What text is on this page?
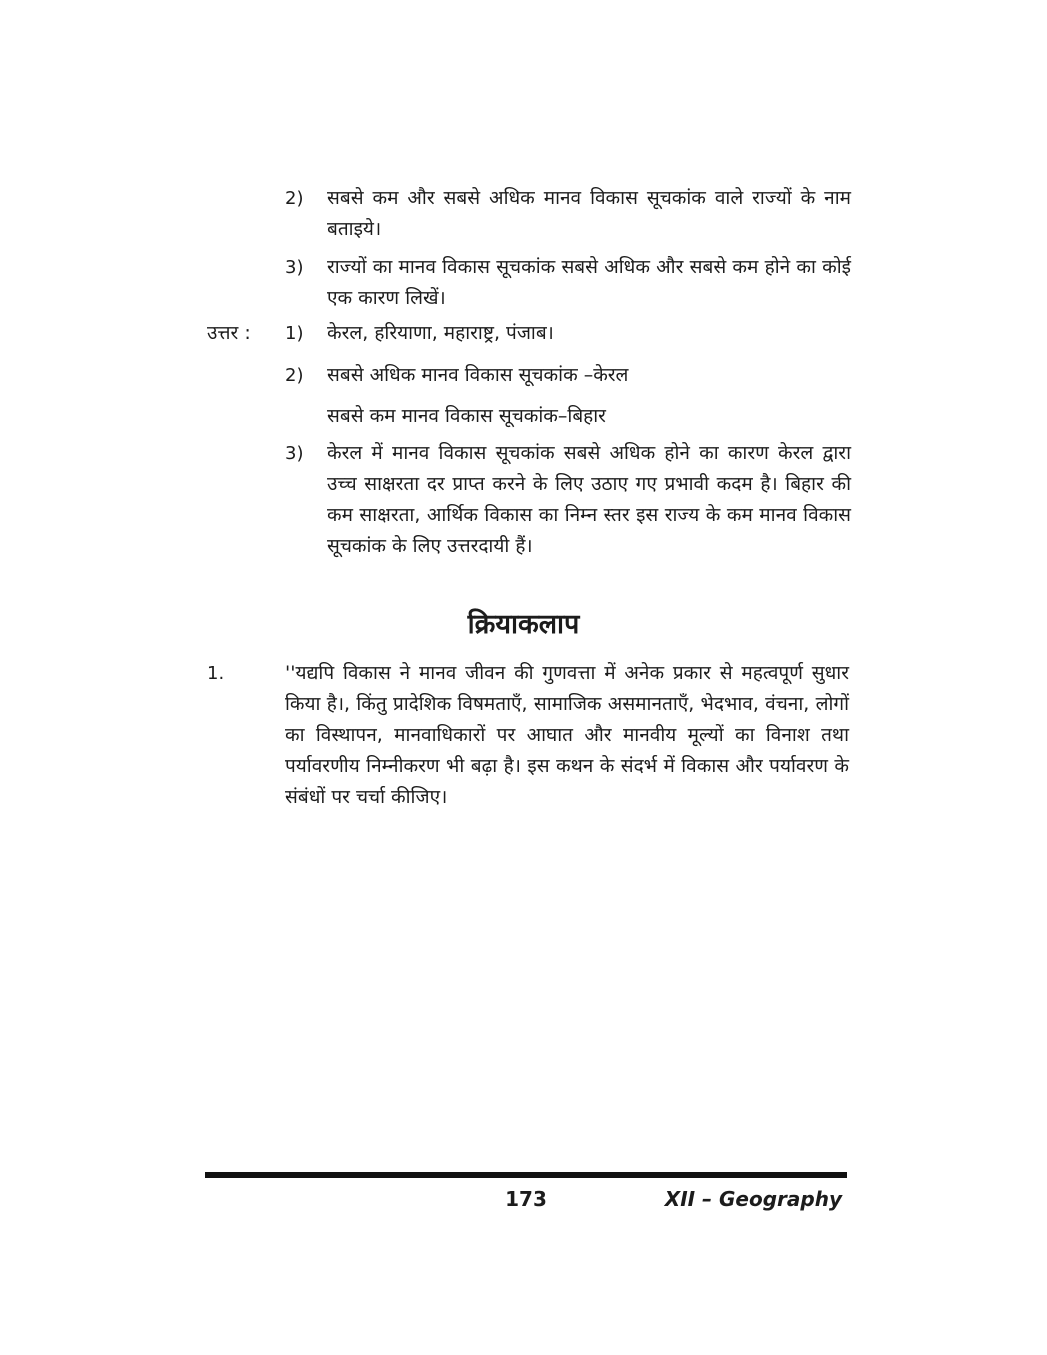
2)	सबसे कम और सबसे अधिक मानव विकास सूचकांक वाले राज्यों के नाम बताइये।
3)	राज्यों का मानव विकास सूचकांक सबसे अधिक और सबसे कम होने का कोई एक कारण लिखें।
उत्तर : 1)	केरल, हरियाणा, महाराष्ट्र, पंजाब।
2)	सबसे अधिक मानव विकास सूचकांक –केरल

सबसे कम मानव विकास सूचकांक–बिहार

3)	केरल में मानव विकास सूचकांक सबसे अधिक होने का कारण केरल द्वारा उच्च साक्षरता दर प्राप्त करने के लिए उठाए गए प्रभावी कदम है। बिहार की कम साक्षरता, आर्थिक विकास का निम्न स्तर इस राज्य के कम मानव विकास सूचकांक के लिए उत्तरदायी हैं।
क्रियाकलाप
1.	''यद्यपि विकास ने मानव जीवन की गुणवत्ता में अनेक प्रकार से महत्वपूर्ण सुधार किया है।, किंतु प्रादेशिक विषमताएँ, सामाजिक असमानताएँ, भेदभाव, वंचना, लोगों का विस्थापन, मानवाधिकारों पर आघात और मानवीय मूल्यों का विनाश तथा पर्यावरणीय निम्नीकरण भी बढ़ा है। इस कथन के संदर्भ में विकास और पर्यावरण के संबंधों पर चर्चा कीजिए।
173	XII – Geography
